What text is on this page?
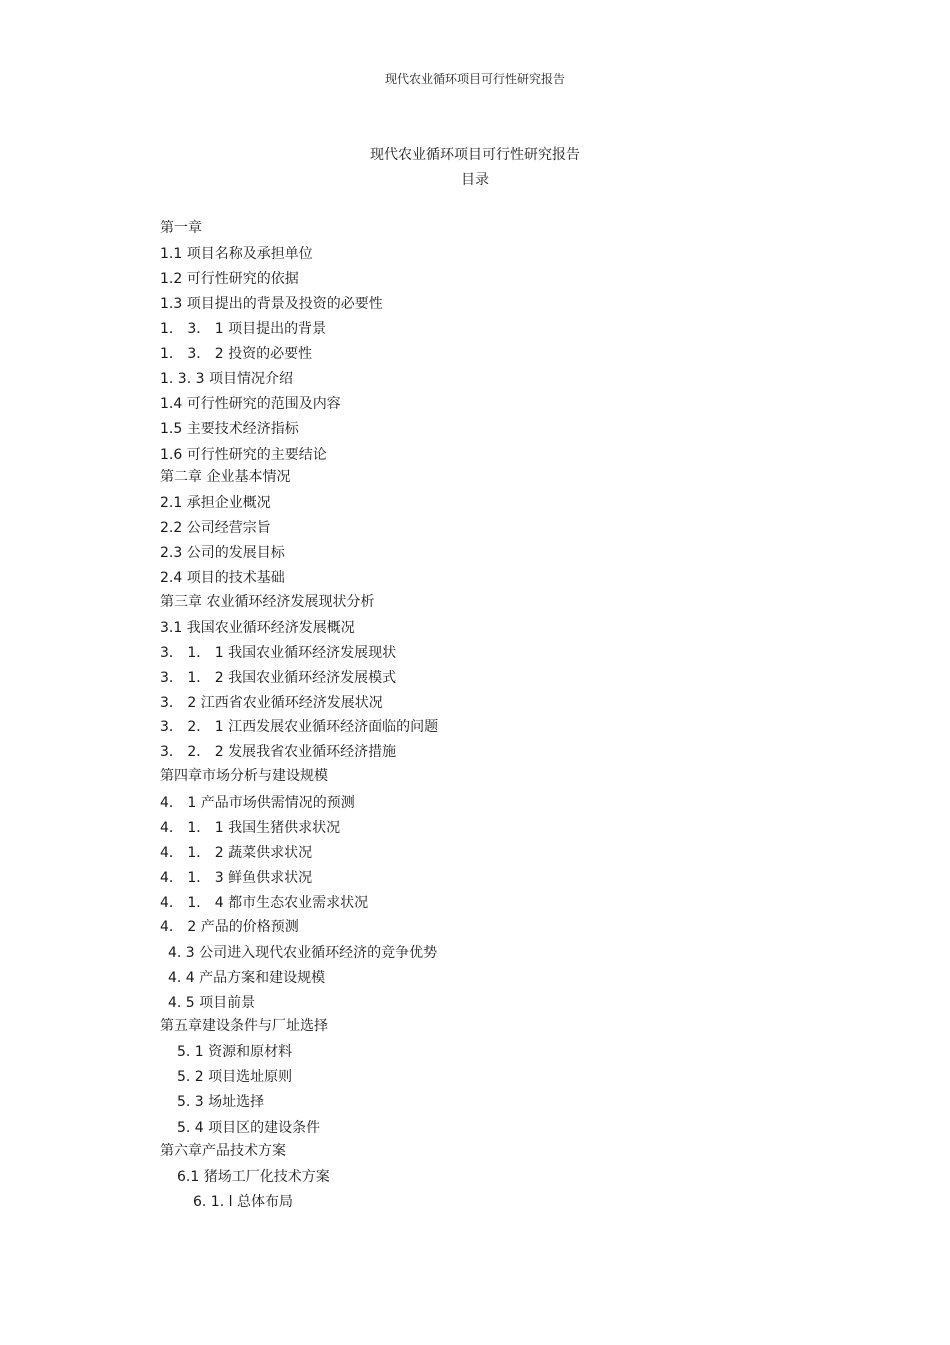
现代农业循环项目可行性研究报告
现代农业循环项目可行性研究报告
目录
第一章
1.1 项目名称及承担单位
1.2 可行性研究的依据
1.3 项目提出的背景及投资的必要性
1． 3． 1 项目提出的背景
1． 3． 2 投资的必要性
1. 3. 3 项目情况介绍
1.4 可行性研究的范围及内容
1.5 主要技术经济指标
1.6 可行性研究的主要结论
第二章 企业基本情况
2.1 承担企业概况
2.2 公司经营宗旨
2.3 公司的发展目标
2.4 项目的技术基础
第三章 农业循环经济发展现状分析
3.1 我国农业循环经济发展概况
3． 1． 1 我国农业循环经济发展现状
3． 1． 2 我国农业循环经济发展模式
3． 2 江西省农业循环经济发展状况
3． 2． 1 江西发展农业循环经济面临的问题
3． 2． 2 发展我省农业循环经济措施
第四章市场分析与建设规模
4． 1 产品市场供需情况的预测
4． 1． 1 我国生猪供求状况
4． 1． 2 蔬菜供求状况
4． 1． 3 鲜鱼供求状况
4． 1． 4 都市生态农业需求状况
4． 2 产品的价格预测
4. 3 公司进入现代农业循环经济的竞争优势
4. 4 产品方案和建设规模
4. 5 项目前景
第五章建设条件与厂址选择
5. 1 资源和原材料
5. 2 项目选址原则
5. 3 场址选择
5. 4 项目区的建设条件
第六章产品技术方案
6.1 猪场工厂化技术方案
6. 1. l 总体布局
